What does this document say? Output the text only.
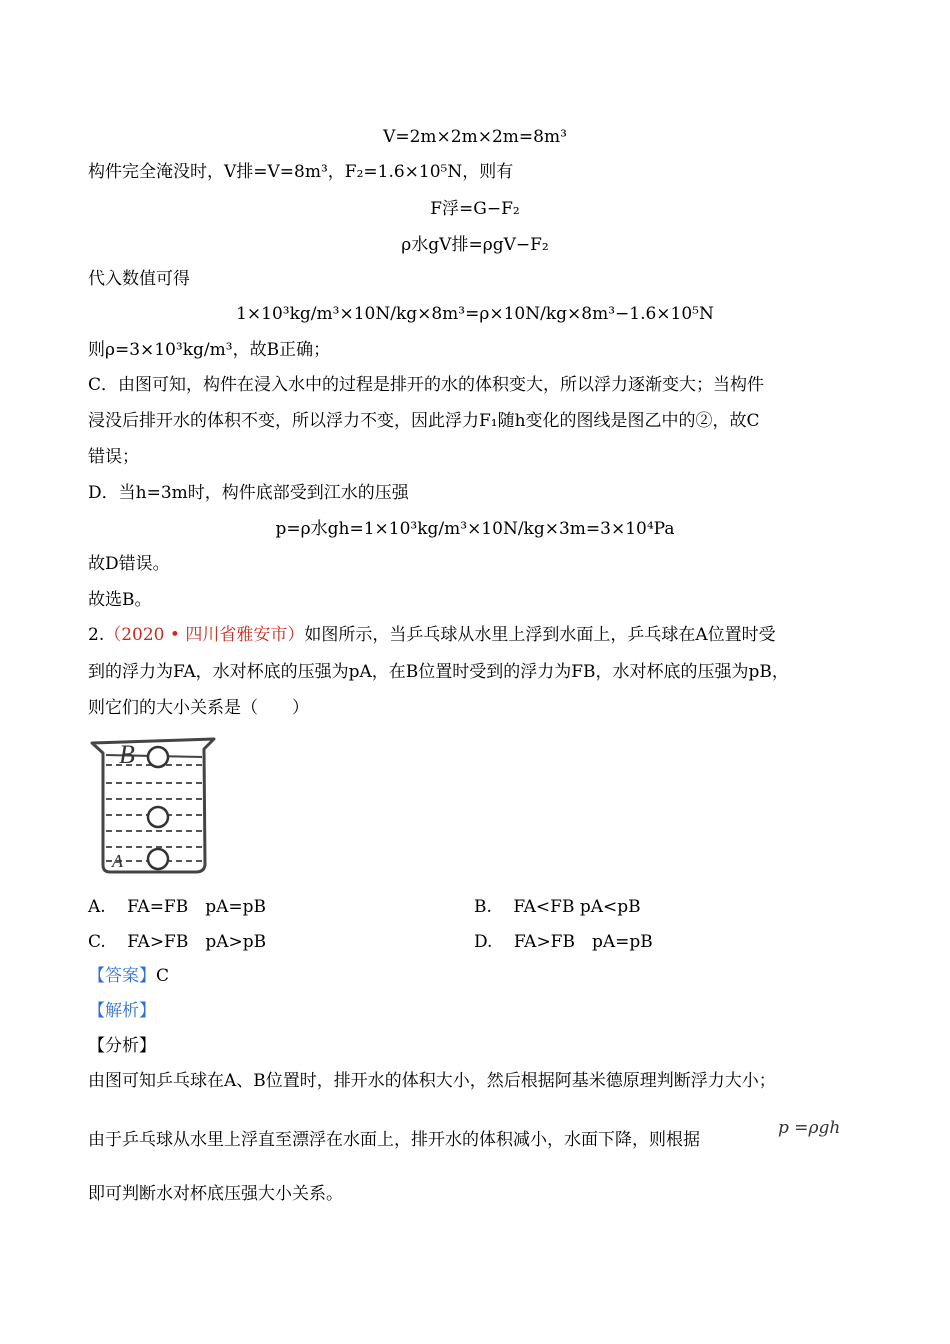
V=2m×2m×2m=8m³
构件完全淹没时，V排=V=8m³，F₂=1.6×10⁵N，则有
F浮=G−F₂
ρ水gV排=ρgV−F₂
代入数值可得
1×10³kg/m³×10N/kg×8m³=ρ×10N/kg×8m³−1.6×10⁵N
则ρ=3×10³kg/m³，故B正确；
C．由图可知，构件在浸入水中的过程是排开的水的体积变大，所以浮力逐渐变大；当构件
浸没后排开水的体积不变，所以浮力不变，因此浮力F₁随h变化的图线是图乙中的②，故C
错误；
D．当h=3m时，构件底部受到江水的压强
p=ρ水gh=1×10³kg/m³×10N/kg×3m=3×10⁴Pa
故D错误。
故选B。
2.（2020 • 四川省雅安市）如图所示，当乒乓球从水里上浮到水面上，乒乓球在A位置时受
到的浮力为FA，水对杯底的压强为pA，在B位置时受到的浮力为FB，水对杯底的压强为pB，
则它们的大小关系是（　　）
B
A
A. FA=FB　pA=pB	B. FA<FB pA<pB
C. FA>FB　pA>pB	D. FA>FB　pA=pB
【答案】C
【解析】
【分析】
由图可知乒乓球在A、B位置时，排开水的体积大小，然后根据阿基米德原理判断浮力大小；
由于乒乓球从水里上浮直至漂浮在水面上，排开水的体积减小，水面下降，则根据
p =ρgh
即可判断水对杯底压强大小关系。
